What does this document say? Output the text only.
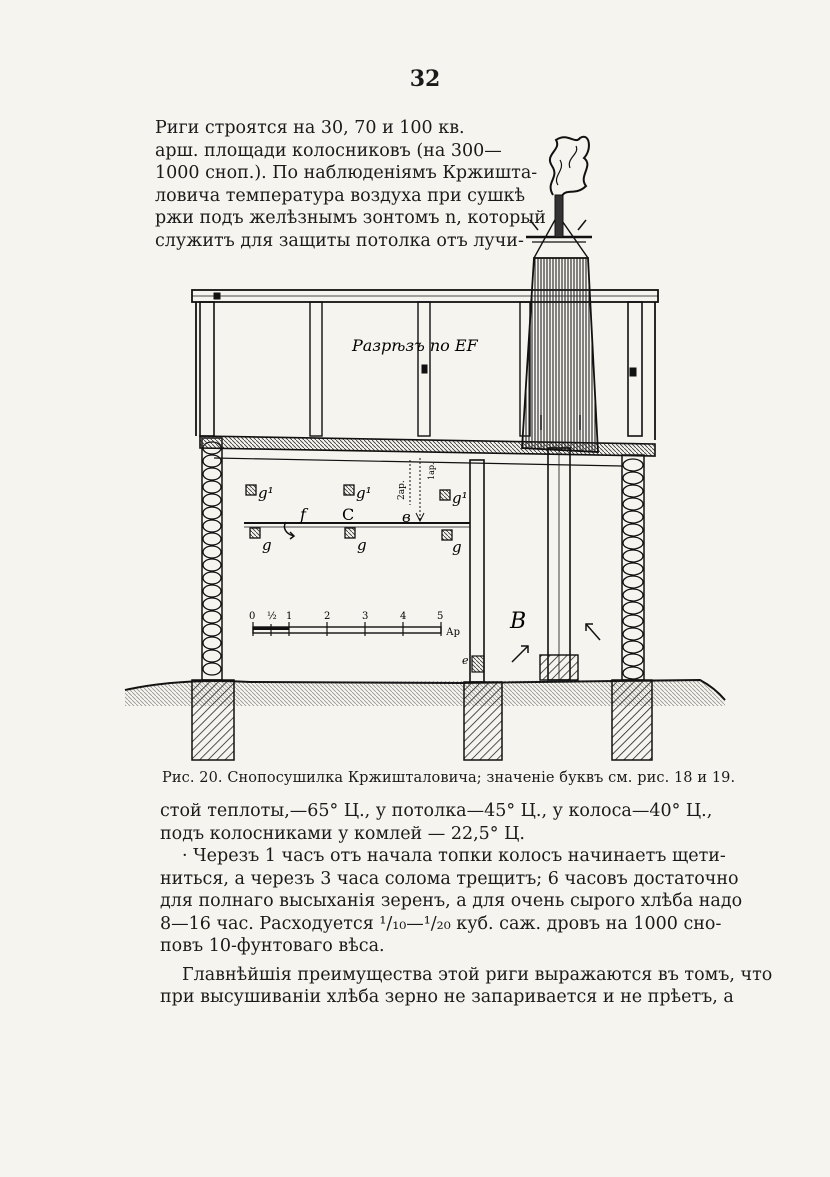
32
Риги строятся на 30, 70 и 100 кв.
арш. площади колосниковъ (на 300—
1000 сноп.). По наблюденіямъ Кржишта-
ловича температура воздуха при сушкѣ
ржи подъ желѣзнымъ зонтомъ n, который
служитъ для защиты потолка отъ лучи-
Разрѣзъ по EF
g¹	g¹	g¹
g	g	g
f C	в
2ар.
1ар.
B
е
0 ½ 1	2	3	4	5
Ар
Рис. 20. Снопосушилка Кржишталовича; значеніе буквъ см. рис. 18 и 19.
стой теплоты,—65° Ц., у потолка—45° Ц., у колоса—40° Ц.,
подъ колосниками у комлей — 22,5° Ц.
· Черезъ 1 часъ отъ начала топки колосъ начинаетъ щети-
ниться, а черезъ 3 часа солома трещитъ; 6 часовъ достаточно
для полнаго высыханія зеренъ, а для очень сырого хлѣба надо
8—16 час. Расходуется ¹/₁₀—¹/₂₀ куб. саж. дровъ на 1000 сно-
повъ 10-фунтоваго вѣса.
Главнѣйшія преимущества этой риги выражаются въ томъ, что
при высушиваніи хлѣба зерно не запаривается и не прѣетъ, а
